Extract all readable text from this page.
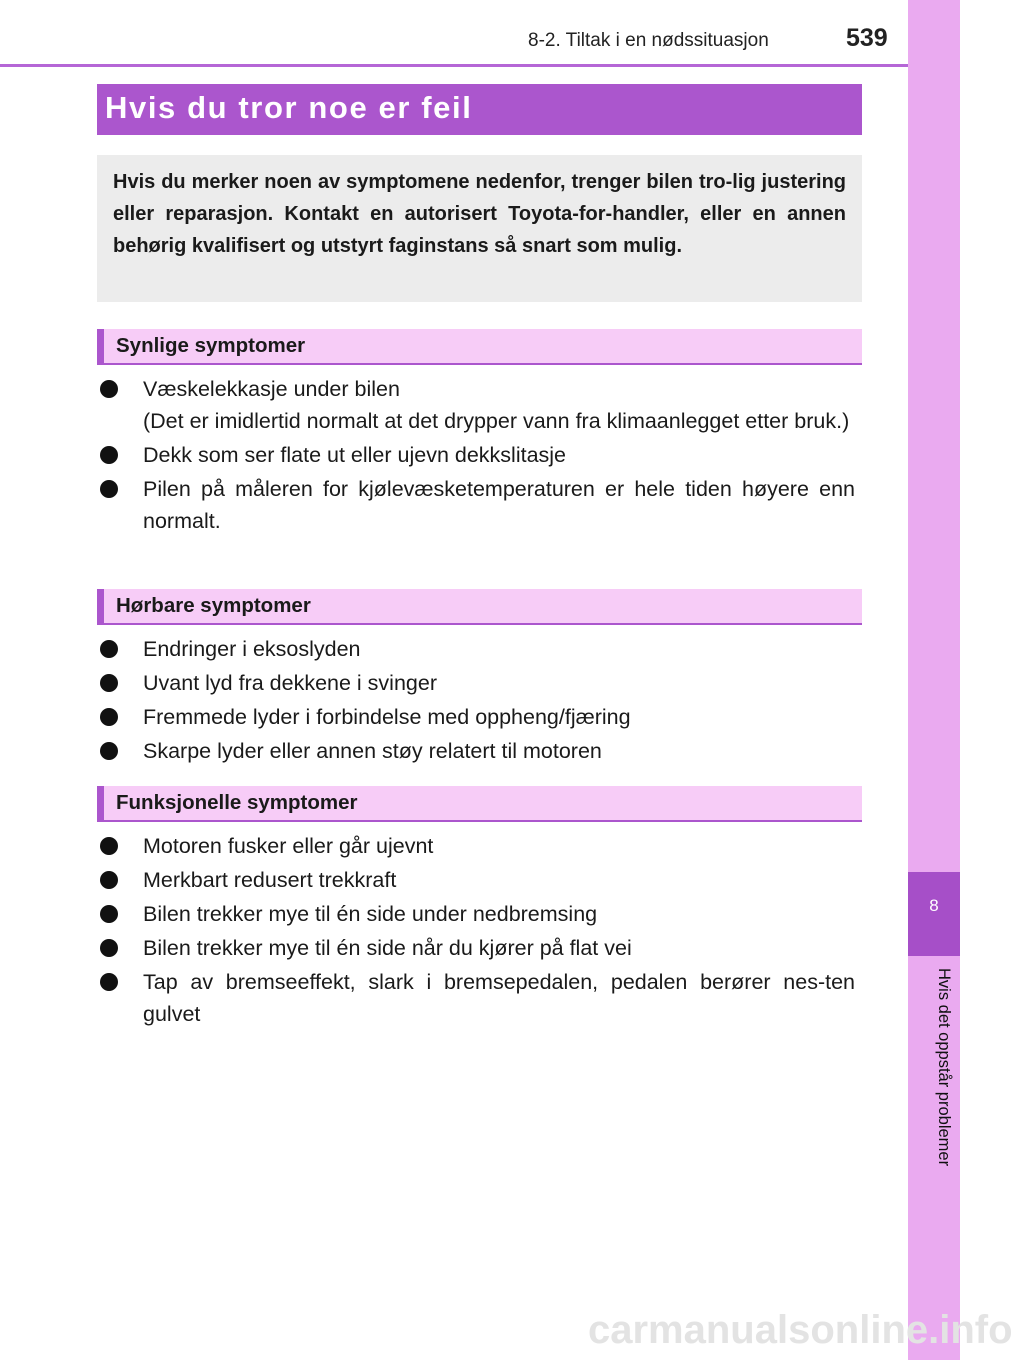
8-2. Tiltak i en nødssituasjon	539
8
Hvis det oppstår problemer
Hvis du tror noe er feil
Hvis du merker noen av symptomene nedenfor, trenger bilen tro-lig justering eller reparasjon. Kontakt en autorisert Toyota-for-handler, eller en annen behørig kvalifisert og utstyrt faginstans så snart som mulig.
Synlige symptomer
Væskelekkasje under bilen
(Det er imidlertid normalt at det drypper vann fra klimaanlegget etter bruk.)
Dekk som ser flate ut eller ujevn dekkslitasje
Pilen på måleren for kjølevæsketemperaturen er hele tiden høyere enn normalt.
Hørbare symptomer
Endringer i eksoslyden
Uvant lyd fra dekkene i svinger
Fremmede lyder i forbindelse med oppheng/fjæring
Skarpe lyder eller annen støy relatert til motoren
Funksjonelle symptomer
Motoren fusker eller går ujevnt
Merkbart redusert trekkraft
Bilen trekker mye til én side under nedbremsing
Bilen trekker mye til én side når du kjører på flat vei
Tap av bremseeffekt, slark i bremsepedalen, pedalen berører nes-ten gulvet
carmanualsonline.info
